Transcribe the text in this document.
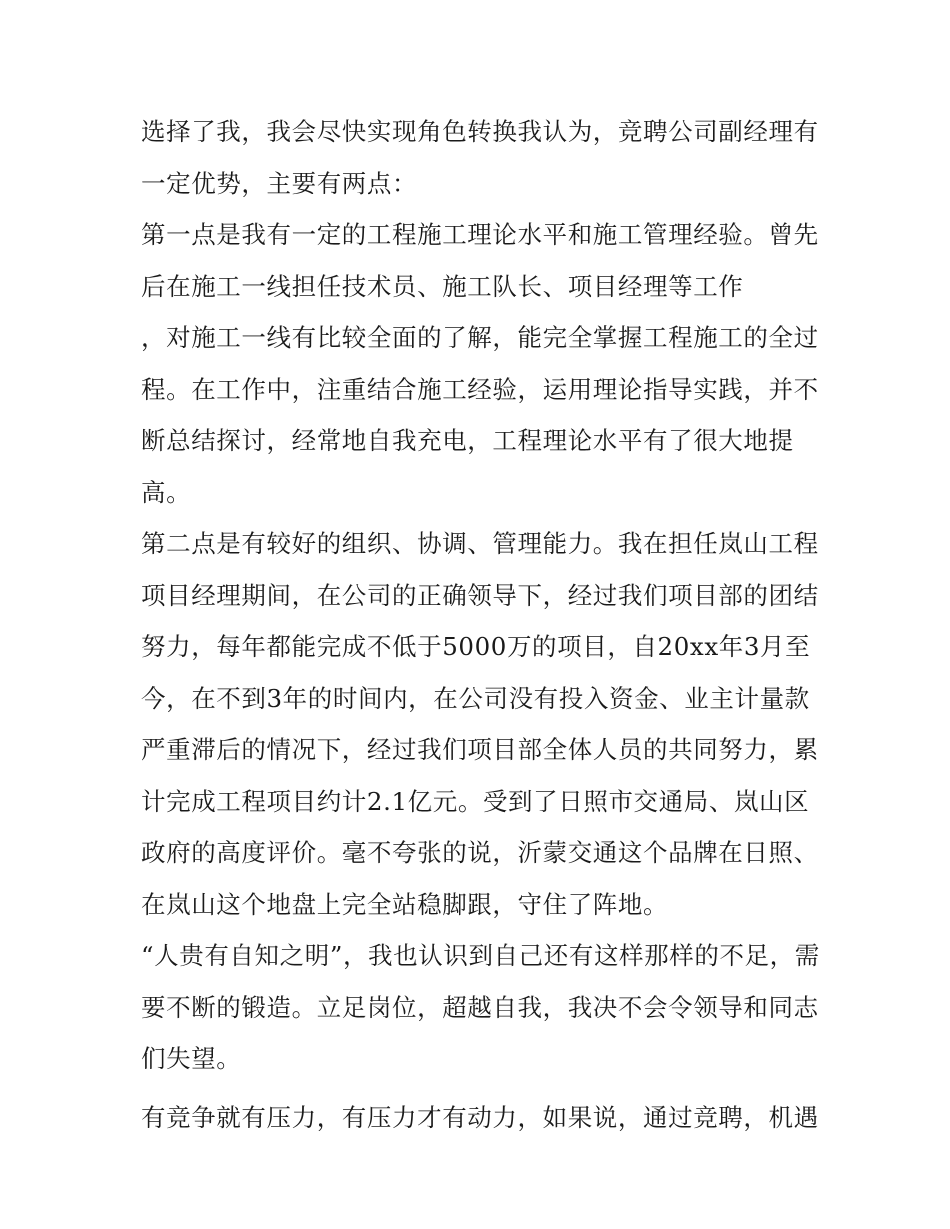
选择了我，我会尽快实现角色转换我认为，竞聘公司副经理有
一定优势，主要有两点：
第一点是我有一定的工程施工理论水平和施工管理经验。曾先
后在施工一线担任技术员、施工队长、项目经理等工作
，对施工一线有比较全面的了解，能完全掌握工程施工的全过
程。在工作中，注重结合施工经验，运用理论指导实践，并不
断总结探讨，经常地自我充电，工程理论水平有了很大地提
高。
第二点是有较好的组织、协调、管理能力。我在担任岚山工程
项目经理期间，在公司的正确领导下，经过我们项目部的团结
努力，每年都能完成不低于5000万的项目，自20xx年3月至
今，在不到3年的时间内，在公司没有投入资金、业主计量款
严重滞后的情况下，经过我们项目部全体人员的共同努力，累
计完成工程项目约计2.1亿元。受到了日照市交通局、岚山区
政府的高度评价。毫不夸张的说，沂蒙交通这个品牌在日照、
在岚山这个地盘上完全站稳脚跟，守住了阵地。
“人贵有自知之明”，我也认识到自己还有这样那样的不足，需
要不断的锻造。立足岗位，超越自我，我决不会令领导和同志
们失望。
有竞争就有压力，有压力才有动力，如果说，通过竞聘，机遇
